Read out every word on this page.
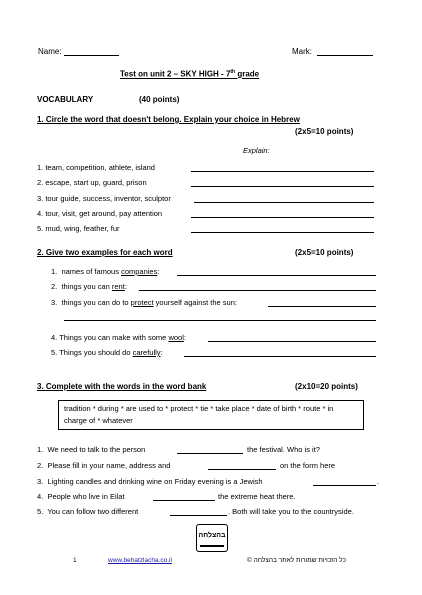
Name:	Mark:
Test on unit 2 – SKY HIGH - 7th grade
VOCABULARY	(40 points)
1. Circle the word that doesn't belong. Explain your choice in Hebrew
(2x5=10 points)
Explain:
1. team, competition, athlete, island
2. escape, start up, guard, prison
3. tour guide, success, inventor, sculptor
4. tour, visit, get around, pay attention
5. mud, wing, feather, fur
2. Give two examples for each word	(2x5=10 points)
1. names of famous companies:
2. things you can rent:
3. things you can do to protect yourself against the sun:
4. Things you can make with some wool:
5. Things you should do carefully:
3. Complete with the words in the word bank	(2x10=20 points)
tradition * during * are used to * protect * tie * take place * date of birth * route * in charge of * whatever
1. We need to talk to the person	the festival. Who is it?
2. Please fill in your name, address and	on the form here
3. Lighting candles and drinking wine on Friday evening is a Jewish	.
4. People who live in Eilat	the extreme heat there.
5. You can follow two different	. Both will take you to the countryside.
בהצלחה
1	www.behatzlacha.co.il	כל הזכויות שמורות לאתר בהצלחה ©
